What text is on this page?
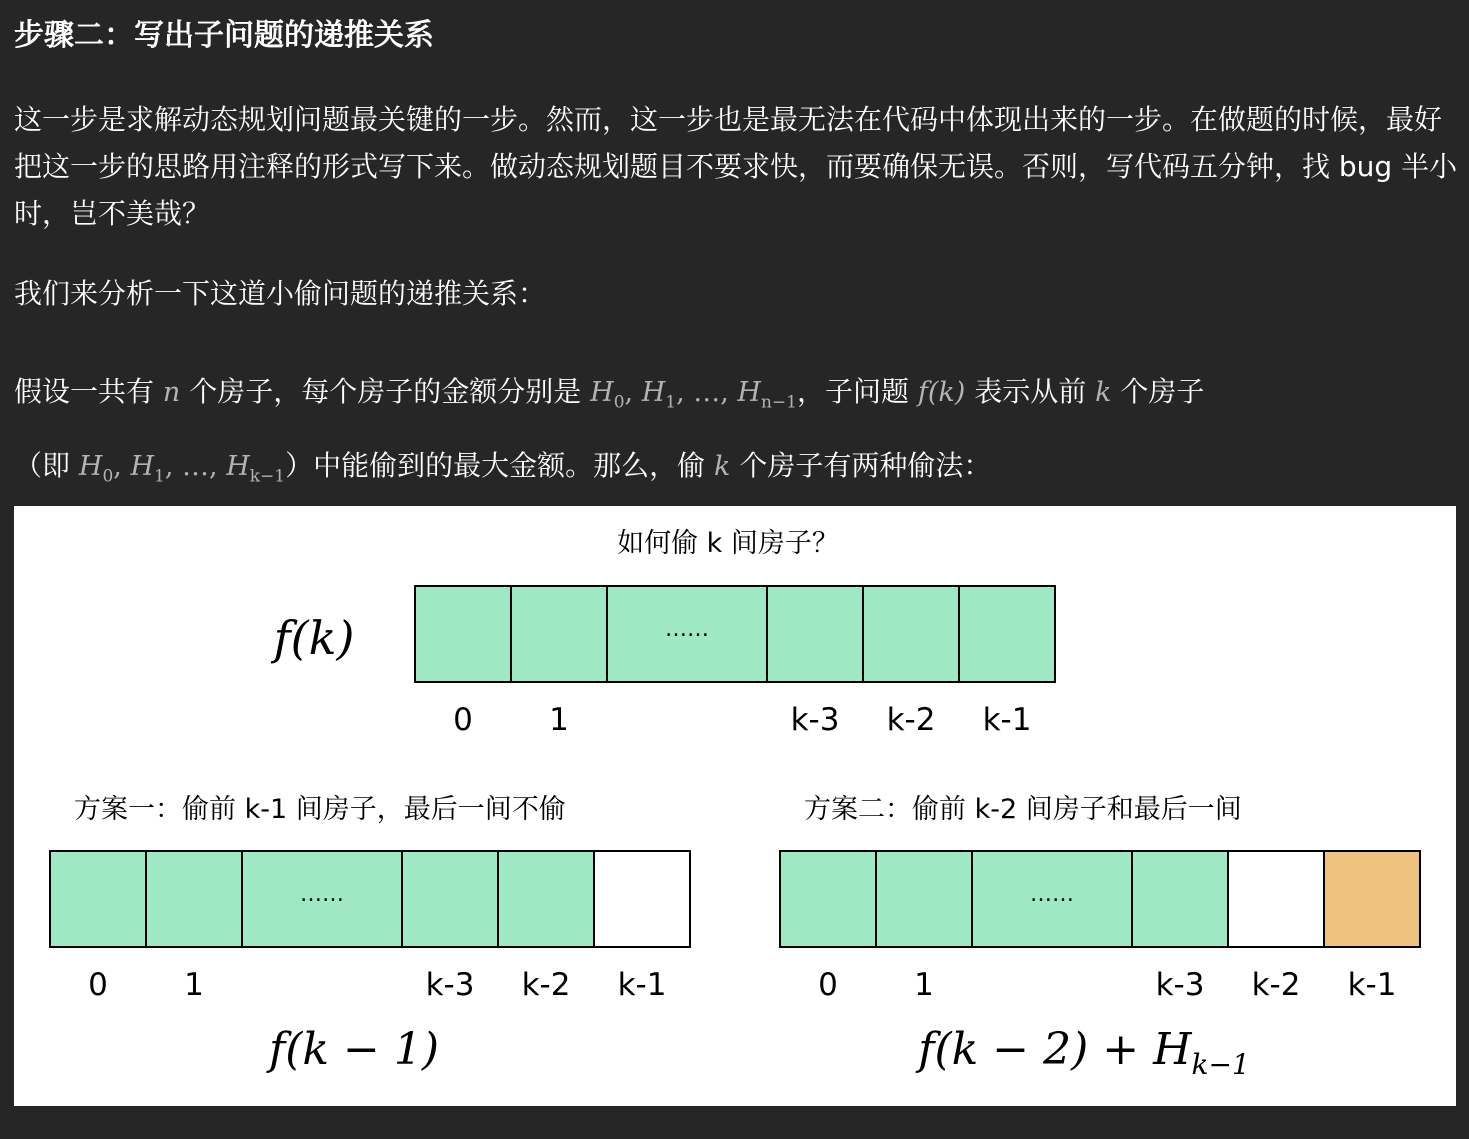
步骤二：写出子问题的递推关系
这一步是求解动态规划问题最关键的一步。然而，这一步也是最无法在代码中体现出来的一步。在做题的时候，最好把这一步的思路用注释的形式写下来。做动态规划题目不要求快，而要确保无误。否则，写代码五分钟，找 bug 半小时，岂不美哉？
我们来分析一下这道小偷问题的递推关系：
假设一共有 n 个房子，每个房子的金额分别是 $H_0$, $H_1$, …, $H_{n-1}$，子问题 f(k) 表示从前 k 个房子
（即 $H_0$, $H_1$, …, $H_{k-1}$）中能偷到的最大金额。那么，偷 k 个房子有两种偷法：
如何偷 k 间房子？
f(k)	……
0 1	k-3 k-2 k-1
方案一：偷前 k-1 间房子，最后一间不偷	方案二：偷前 k-2 间房子和最后一间
……
0 1	k-3 k-2 k-1
……
0 1	k-3 k-2 k-1
f(k − 1)	$f(k - 2) + H_{k-1}$
